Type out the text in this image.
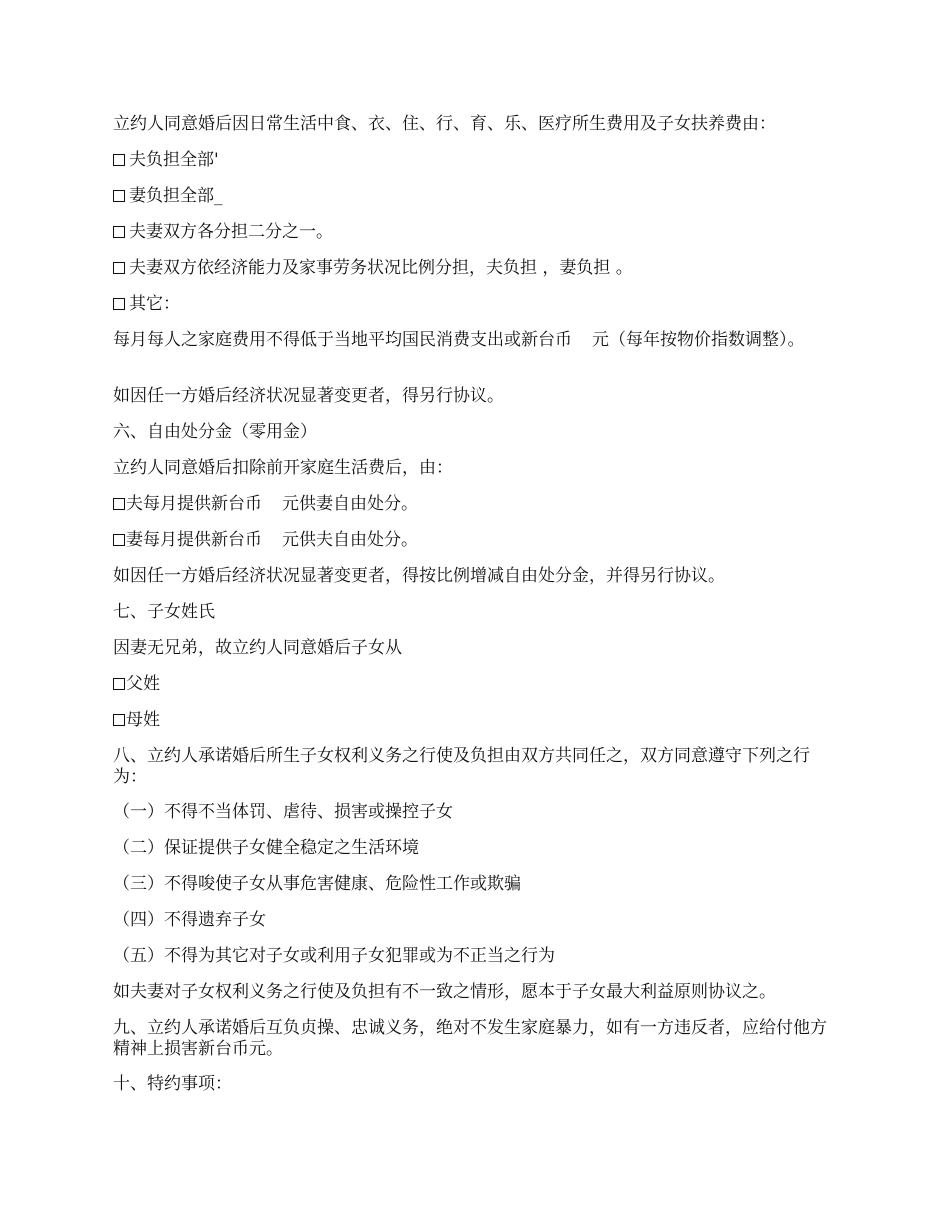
立约人同意婚后因日常生活中食、衣、住、行、育、乐、医疗所生费用及子女扶养费由：
夫负担全部'
妻负担全部_
夫妻双方各分担二分之一。
夫妻双方依经济能力及家事劳务状况比例分担，夫负担 ，妻负担 。
其它：
每月每人之家庭费用不得低于当地平均国民消费支出或新台币 元（每年按物价指数调整）。
如因任一方婚后经济状况显著变更者，得另行协议。
六、自由处分金（零用金）
立约人同意婚后扣除前开家庭生活费后，由：
夫每月提供新台币 元供妻自由处分。
妻每月提供新台币 元供夫自由处分。
如因任一方婚后经济状况显著变更者，得按比例增减自由处分金，并得另行协议。
七、子女姓氏
因妻无兄弟，故立约人同意婚后子女从
父姓
母姓
八、立约人承诺婚后所生子女权利义务之行使及负担由双方共同任之，双方同意遵守下列之行为：
（一）不得不当体罚、虐待、损害或操控子女
（二）保证提供子女健全稳定之生活环境
（三）不得唆使子女从事危害健康、危险性工作或欺骗
（四）不得遗弃子女
（五）不得为其它对子女或利用子女犯罪或为不正当之行为
如夫妻对子女权利义务之行使及负担有不一致之情形，愿本于子女最大利益原则协议之。
九、立约人承诺婚后互负贞操、忠诚义务，绝对不发生家庭暴力，如有一方违反者，应给付他方精神上损害新台币元。
十、特约事项：
